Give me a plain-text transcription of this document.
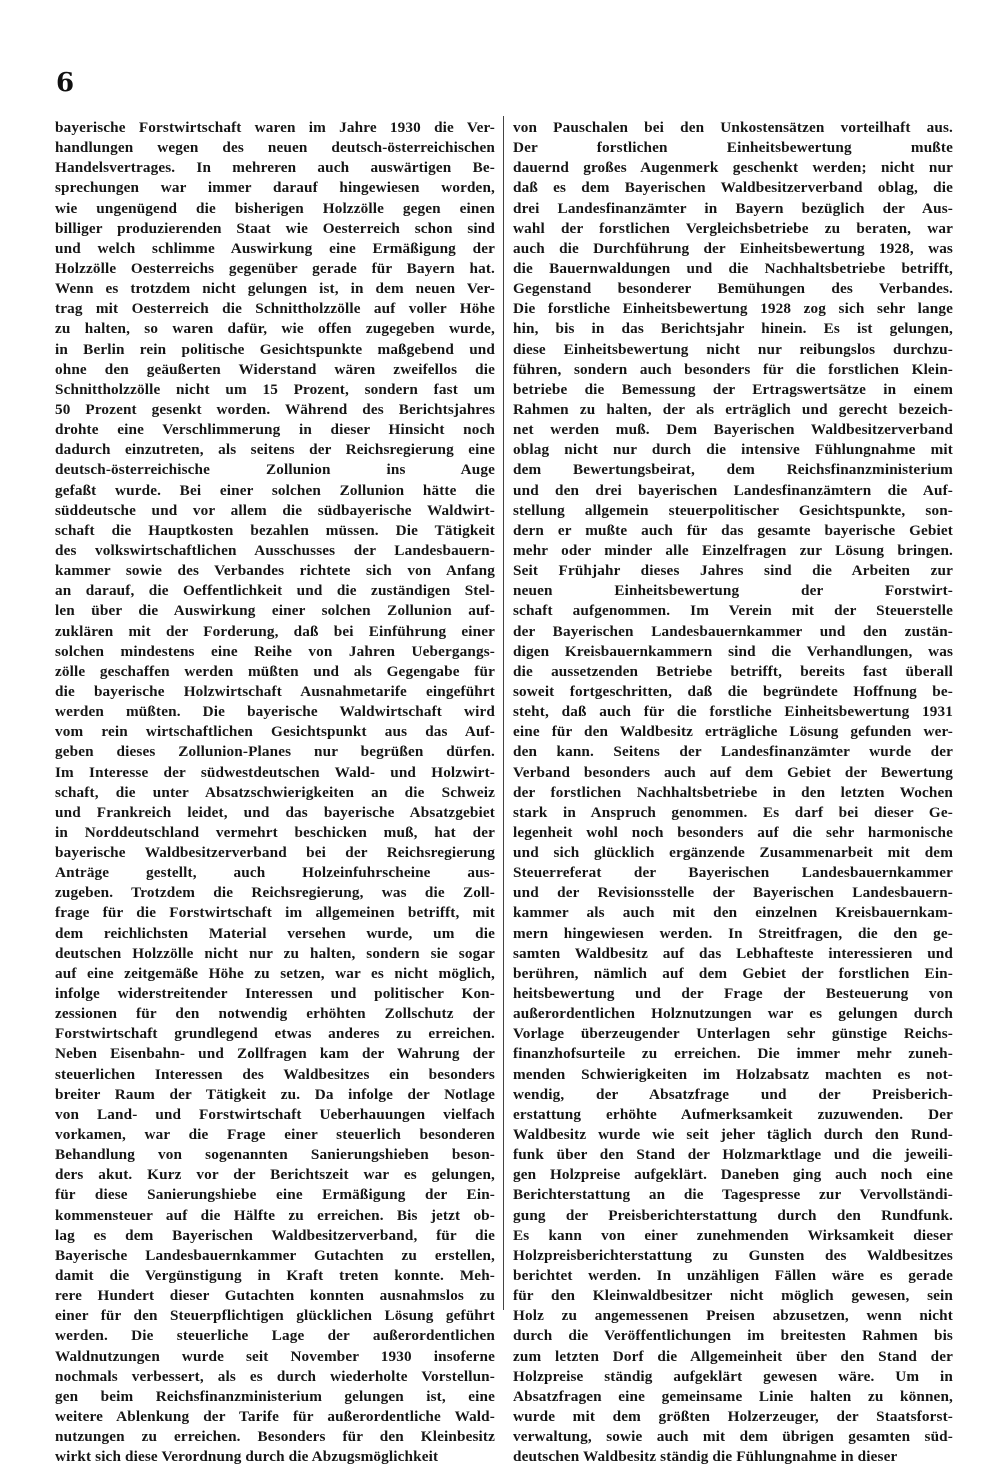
6
bayerische Forstwirtschaft waren im Jahre 1930 die Ver-
handlungen wegen des neuen deutsch-österreichischen
Handelsvertrages. In mehreren auch auswärtigen Be-
sprechungen war immer darauf hingewiesen worden,
wie ungenügend die bisherigen Holzzölle gegen einen
billiger produzierenden Staat wie Oesterreich schon sind
und welch schlimme Auswirkung eine Ermäßigung der
Holzzölle Oesterreichs gegenüber gerade für Bayern hat.
Wenn es trotzdem nicht gelungen ist, in dem neuen Ver-
trag mit Oesterreich die Schnittholzzölle auf voller Höhe
zu halten, so waren dafür, wie offen zugegeben wurde,
in Berlin rein politische Gesichtspunkte maßgebend und
ohne den geäußerten Widerstand wären zweifellos die
Schnittholzzölle nicht um 15 Prozent, sondern fast um
50 Prozent gesenkt worden. Während des Berichtsjahres
drohte eine Verschlimmerung in dieser Hinsicht noch
dadurch einzutreten, als seitens der Reichsregierung eine
deutsch-österreichische Zollunion ins Auge
gefaßt wurde. Bei einer solchen Zollunion hätte die
süddeutsche und vor allem die südbayerische Waldwirt-
schaft die Hauptkosten bezahlen müssen. Die Tätigkeit
des volkswirtschaftlichen Ausschusses der Landesbauern-
kammer sowie des Verbandes richtete sich von Anfang
an darauf, die Oeffentlichkeit und die zuständigen Stel-
len über die Auswirkung einer solchen Zollunion auf-
zuklären mit der Forderung, daß bei Einführung einer
solchen mindestens eine Reihe von Jahren Uebergangs-
zölle geschaffen werden müßten und als Gegengabe für
die bayerische Holzwirtschaft Ausnahmetarife eingeführt
werden müßten. Die bayerische Waldwirtschaft wird
vom rein wirtschaftlichen Gesichtspunkt aus das Auf-
geben dieses Zollunion-Planes nur begrüßen dürfen.
Im Interesse der südwestdeutschen Wald- und Holzwirt-
schaft, die unter Absatzschwierigkeiten an die Schweiz
und Frankreich leidet, und das bayerische Absatzgebiet
in Norddeutschland vermehrt beschicken muß, hat der
bayerische Waldbesitzerverband bei der Reichsregierung
Anträge gestellt, auch Holzeinfuhrscheine aus-
zugeben. Trotzdem die Reichsregierung, was die Zoll-
frage für die Forstwirtschaft im allgemeinen betrifft, mit
dem reichlichsten Material versehen wurde, um die
deutschen Holzzölle nicht nur zu halten, sondern sie sogar
auf eine zeitgemäße Höhe zu setzen, war es nicht möglich,
infolge widerstreitender Interessen und politischer Kon-
zessionen für den notwendig erhöhten Zollschutz der
Forstwirtschaft grundlegend etwas anderes zu erreichen.
Neben Eisenbahn- und Zollfragen kam der Wahrung der
steuerlichen Interessen des Waldbesitzes ein besonders
breiter Raum der Tätigkeit zu. Da infolge der Notlage
von Land- und Forstwirtschaft Ueberhauungen vielfach
vorkamen, war die Frage einer steuerlich besonderen
Behandlung von sogenannten Sanierungshieben beson-
ders akut. Kurz vor der Berichtszeit war es gelungen,
für diese Sanierungshiebe eine Ermäßigung der Ein-
kommensteuer auf die Hälfte zu erreichen. Bis jetzt ob-
lag es dem Bayerischen Waldbesitzerverband, für die
Bayerische Landesbauernkammer Gutachten zu erstellen,
damit die Vergünstigung in Kraft treten konnte. Meh-
rere Hundert dieser Gutachten konnten ausnahmslos zu
einer für den Steuerpflichtigen glücklichen Lösung geführt
werden. Die steuerliche Lage der außerordentlichen
Waldnutzungen wurde seit November 1930 insoferne
nochmals verbessert, als es durch wiederholte Vorstellun-
gen beim Reichsfinanzministerium gelungen ist, eine
weitere Ablenkung der Tarife für außerordentliche Wald-
nutzungen zu erreichen. Besonders für den Kleinbesitz
wirkt sich diese Verordnung durch die Abzugsmöglichkeit
von Pauschalen bei den Unkostensätzen vorteilhaft aus.
Der forstlichen Einheitsbewertung mußte
dauernd großes Augenmerk geschenkt werden; nicht nur
daß es dem Bayerischen Waldbesitzerverband oblag, die
drei Landesfinanzämter in Bayern bezüglich der Aus-
wahl der forstlichen Vergleichsbetriebe zu beraten, war
auch die Durchführung der Einheitsbewertung 1928, was
die Bauernwaldungen und die Nachhaltsbetriebe betrifft,
Gegenstand besonderer Bemühungen des Verbandes.
Die forstliche Einheitsbewertung 1928 zog sich sehr lange
hin, bis in das Berichtsjahr hinein. Es ist gelungen,
diese Einheitsbewertung nicht nur reibungslos durchzu-
führen, sondern auch besonders für die forstlichen Klein-
betriebe die Bemessung der Ertragswertsätze in einem
Rahmen zu halten, der als erträglich und gerecht bezeich-
net werden muß. Dem Bayerischen Waldbesitzerverband
oblag nicht nur durch die intensive Fühlungnahme mit
dem Bewertungsbeirat, dem Reichsfinanzministerium
und den drei bayerischen Landesfinanzämtern die Auf-
stellung allgemein steuerpolitischer Gesichtspunkte, son-
dern er mußte auch für das gesamte bayerische Gebiet
mehr oder minder alle Einzelfragen zur Lösung bringen.
Seit Frühjahr dieses Jahres sind die Arbeiten zur
neuen Einheitsbewertung der Forstwirt-
schaft aufgenommen. Im Verein mit der Steuerstelle
der Bayerischen Landesbauernkammer und den zustän-
digen Kreisbauernkammern sind die Verhandlungen, was
die aussetzenden Betriebe betrifft, bereits fast überall
soweit fortgeschritten, daß die begründete Hoffnung be-
steht, daß auch für die forstliche Einheitsbewertung 1931
eine für den Waldbesitz erträgliche Lösung gefunden wer-
den kann. Seitens der Landesfinanzämter wurde der
Verband besonders auch auf dem Gebiet der Bewertung
der forstlichen Nachhaltsbetriebe in den letzten Wochen
stark in Anspruch genommen. Es darf bei dieser Ge-
legenheit wohl noch besonders auf die sehr harmonische
und sich glücklich ergänzende Zusammenarbeit mit dem
Steuerreferat der Bayerischen Landesbauernkammer
und der Revisionsstelle der Bayerischen Landesbauern-
kammer als auch mit den einzelnen Kreisbauernkam-
mern hingewiesen werden. In Streitfragen, die den ge-
samten Waldbesitz auf das Lebhafteste interessieren und
berühren, nämlich auf dem Gebiet der forstlichen Ein-
heitsbewertung und der Frage der Besteuerung von
außerordentlichen Holznutzungen war es gelungen durch
Vorlage überzeugender Unterlagen sehr günstige Reichs-
finanzhofsurteile zu erreichen. Die immer mehr zuneh-
menden Schwierigkeiten im Holzabsatz machten es not-
wendig, der Absatzfrage und der Preisberich-
erstattung erhöhte Aufmerksamkeit zuzuwenden. Der
Waldbesitz wurde wie seit jeher täglich durch den Rund-
funk über den Stand der Holzmarktlage und die jeweili-
gen Holzpreise aufgeklärt. Daneben ging auch noch eine
Berichterstattung an die Tagespresse zur Vervollständi-
gung der Preisberichterstattung durch den Rundfunk.
Es kann von einer zunehmenden Wirksamkeit dieser
Holzpreisberichterstattung zu Gunsten des Waldbesitzes
berichtet werden. In unzähligen Fällen wäre es gerade
für den Kleinwaldbesitzer nicht möglich gewesen, sein
Holz zu angemessenen Preisen abzusetzen, wenn nicht
durch die Veröffentlichungen im breitesten Rahmen bis
zum letzten Dorf die Allgemeinheit über den Stand der
Holzpreise ständig aufgeklärt gewesen wäre. Um in
Absatzfragen eine gemeinsame Linie halten zu können,
wurde mit dem größten Holzerzeuger, der Staatsforst-
verwaltung, sowie auch mit dem übrigen gesamten süd-
deutschen Waldbesitz ständig die Fühlungnahme in dieser
